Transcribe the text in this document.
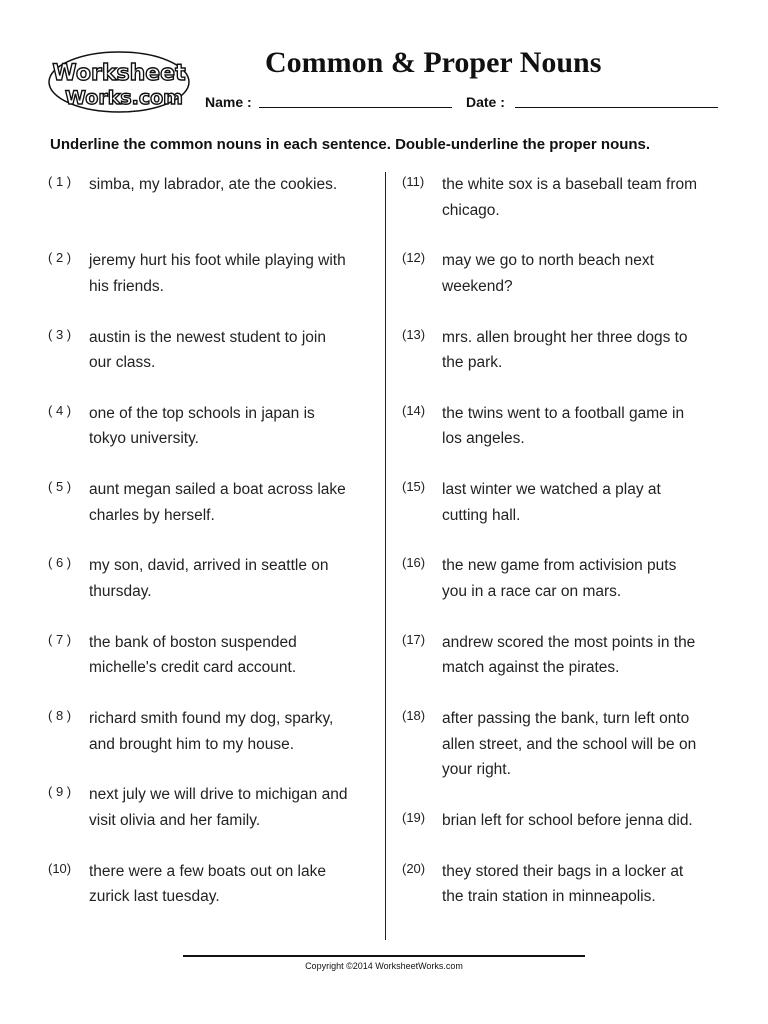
Worksheet
Works.com
Common & Proper Nouns
Name :	Date :
Underline the common nouns in each sentence. Double-underline the proper nouns.
( 1 )	simba, my labrador, ate the cookies.
( 2 )	jeremy hurt his foot while playing with
his friends.
( 3 )	austin is the newest student to join
our class.
( 4 )	one of the top schools in japan is
tokyo university.
( 5 )	aunt megan sailed a boat across lake
charles by herself.
( 6 )	my son, david, arrived in seattle on
thursday.
( 7 )	the bank of boston suspended
michelle's credit card account.
( 8 )	richard smith found my dog, sparky,
and brought him to my house.
( 9 )	next july we will drive to michigan and
visit olivia and her family.
(10)	there were a few boats out on lake
zurick last tuesday.
(11)	the white sox is a baseball team from
chicago.
(12)	may we go to north beach next
weekend?
(13)	mrs. allen brought her three dogs to
the park.
(14)	the twins went to a football game in
los angeles.
(15)	last winter we watched a play at
cutting hall.
(16)	the new game from activision puts
you in a race car on mars.
(17)	andrew scored the most points in the
match against the pirates.
(18)	after passing the bank, turn left onto
allen street, and the school will be on
your right.
(19)	brian left for school before jenna did.
(20)	they stored their bags in a locker at
the train station in minneapolis.
Copyright ©2014 WorksheetWorks.com
